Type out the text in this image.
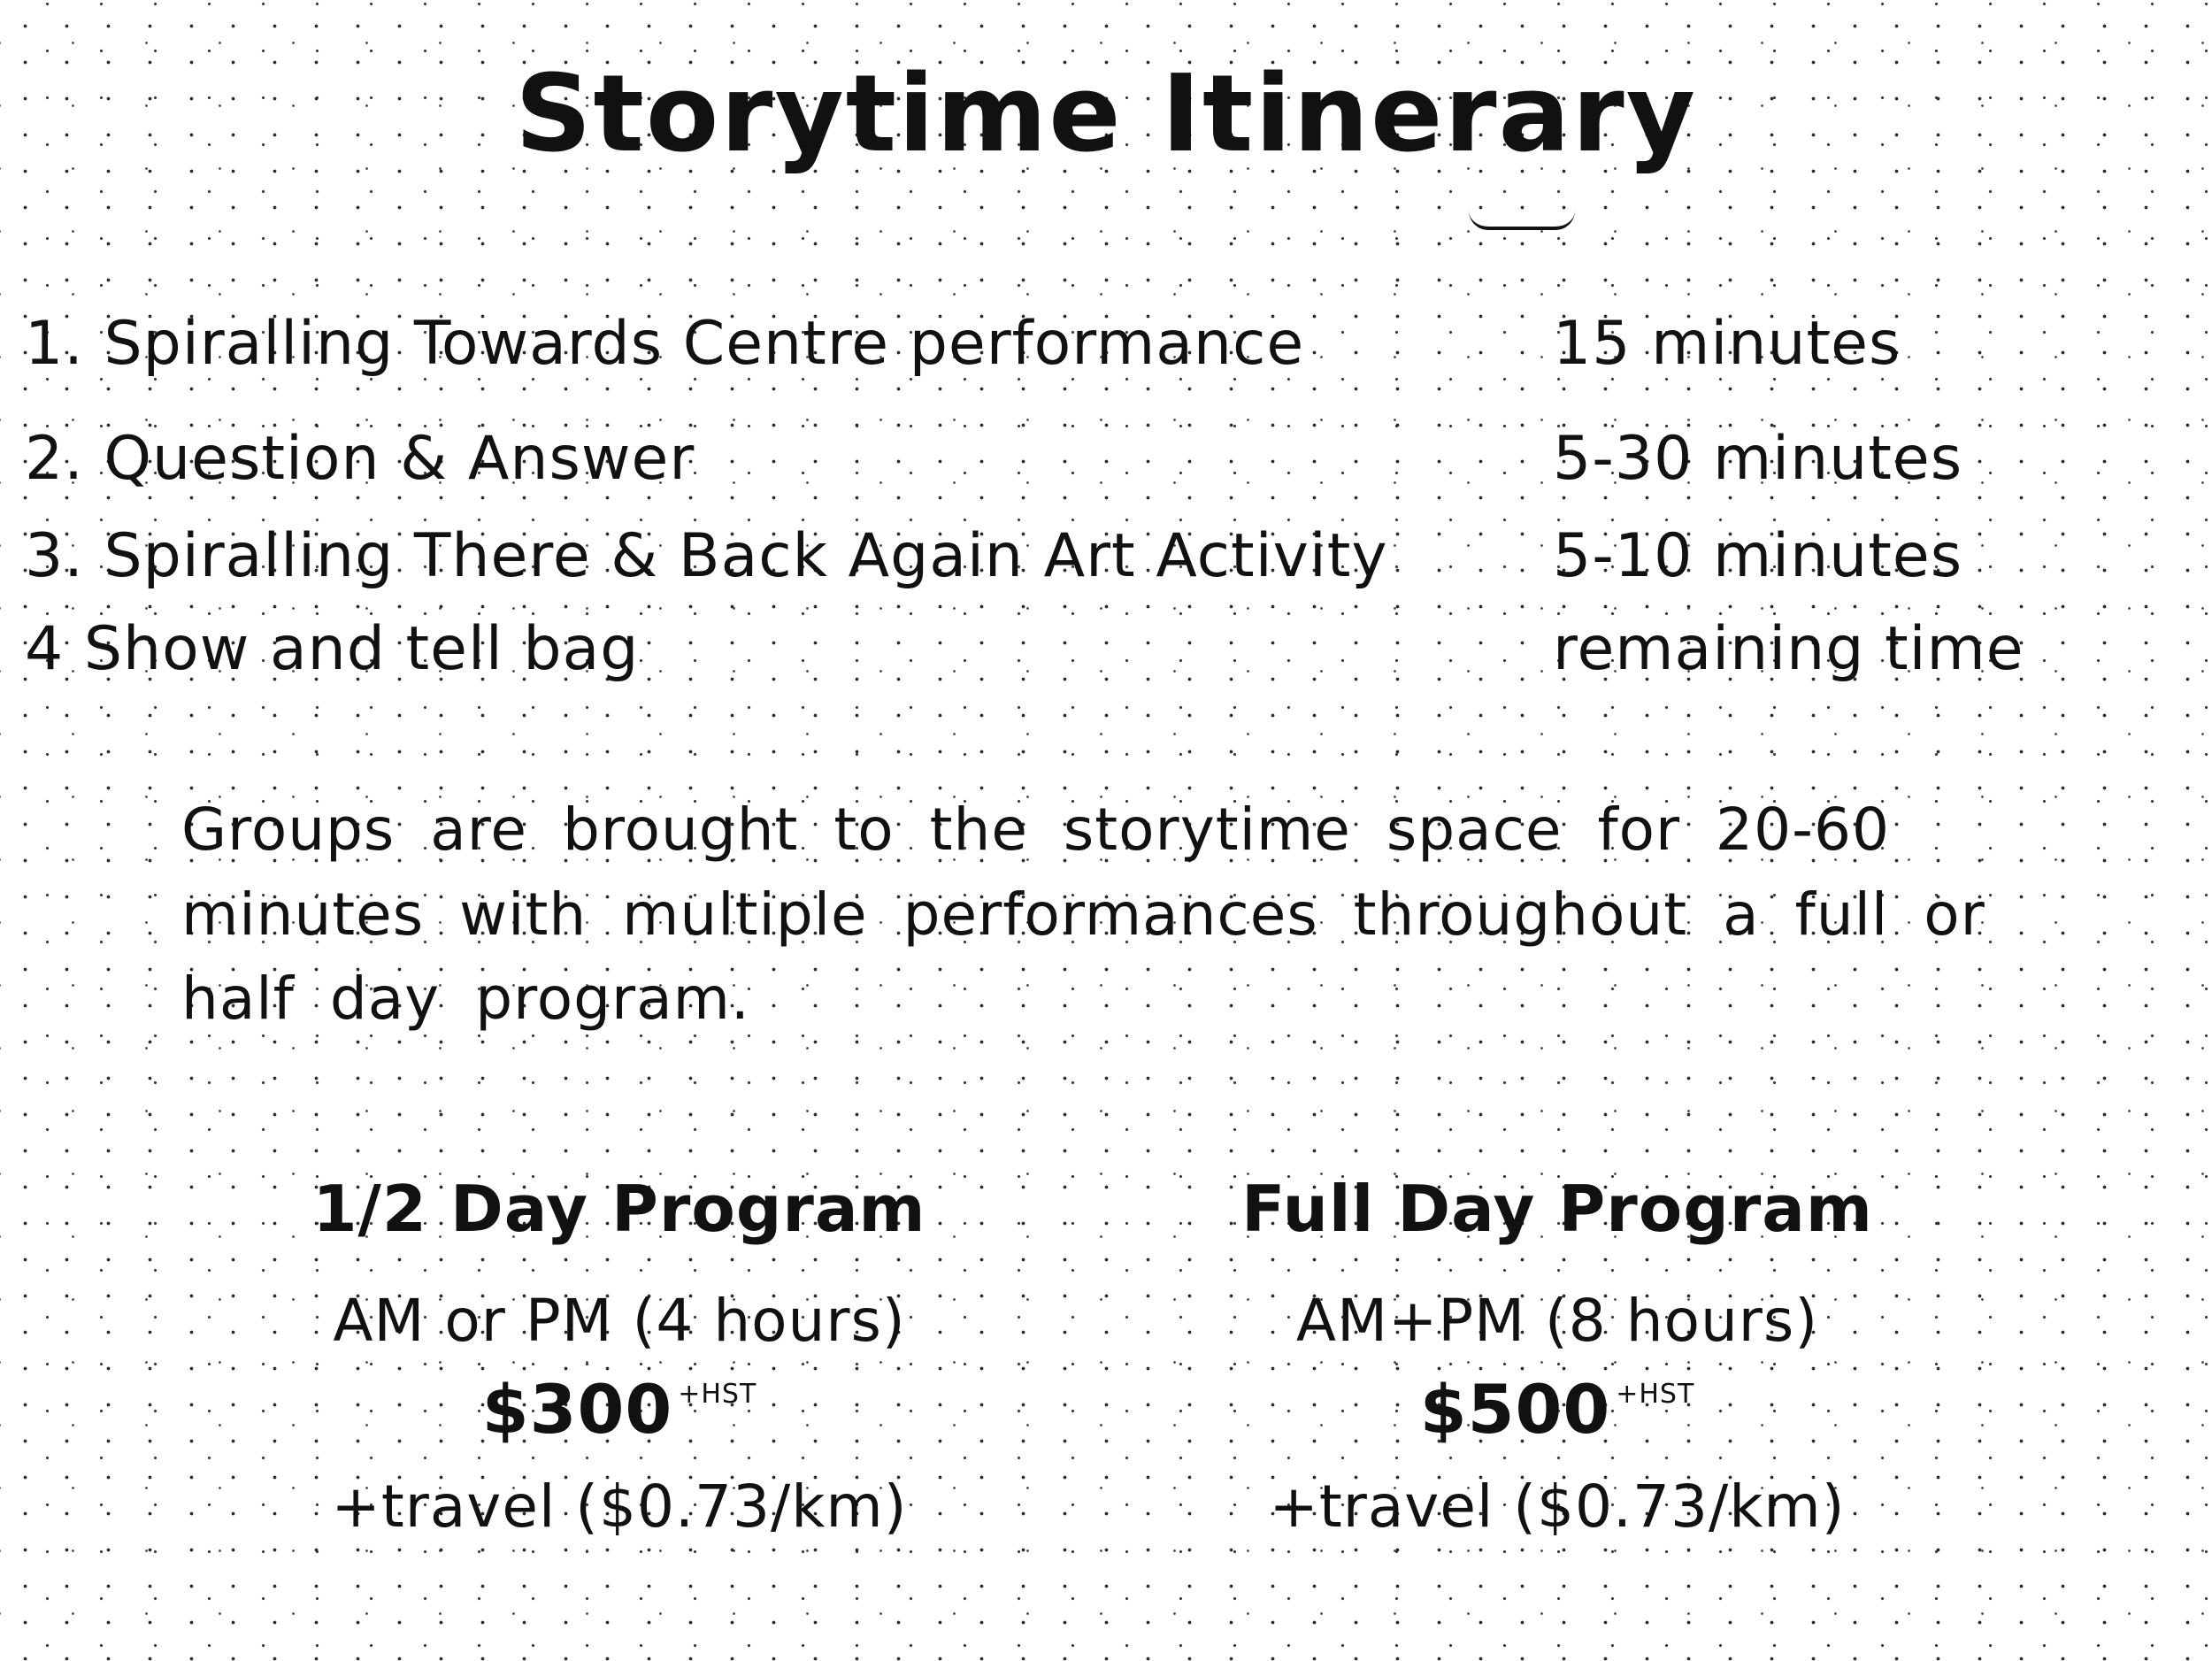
Storytime Itinerary
1. Spiralling Towards Centre performance	15 minutes
2. Question & Answer	5-30 minutes
3. Spiralling There & Back Again Art Activity	5-10 minutes
4 Show and tell bag	remaining time
Groups are brought to the storytime space for 20-60 minutes with multiple performances throughout a full or half day program.
1/2 Day Program
AM or PM (4 hours)
$300 $^{+HST}$
+travel ($0.73/km)
Full Day Program
AM+PM (8 hours)
$500 $^{+HST}$
+travel ($0.73/km)
